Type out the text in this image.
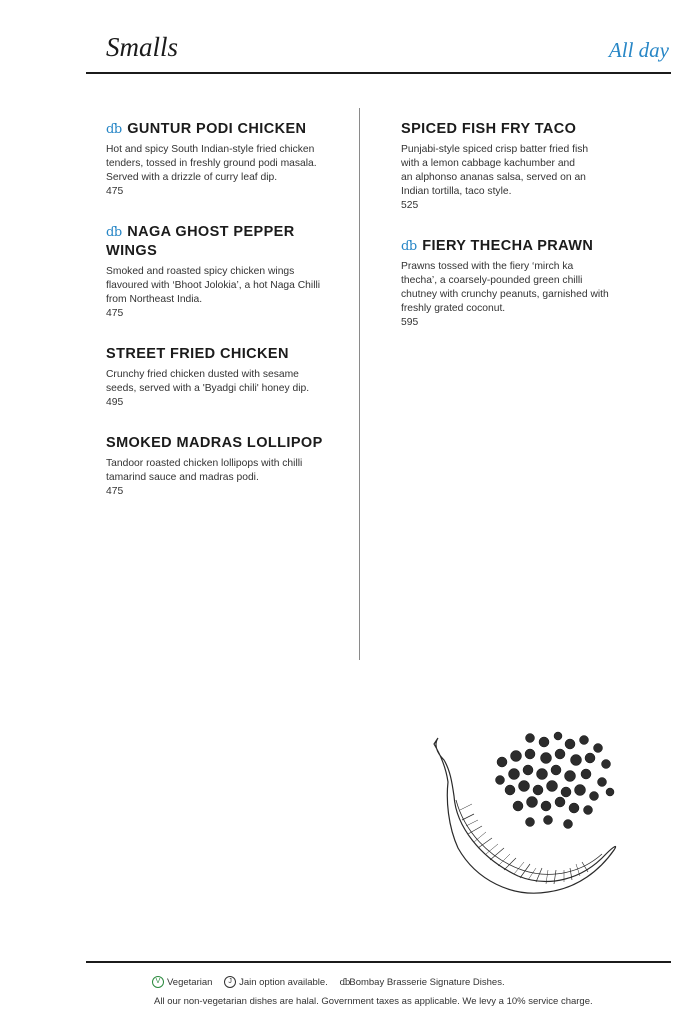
Smalls	All day
ɗb GUNTUR PODI CHICKEN
Hot and spicy South Indian-style fried chicken
tenders, tossed in freshly ground podi masala.
Served with a drizzle of curry leaf dip.
475
ɗb NAGA GHOST PEPPER
WINGS
Smoked and roasted spicy chicken wings
flavoured with ‘Bhoot Jolokia’, a hot Naga Chilli
from Northeast India.
475
STREET FRIED CHICKEN
Crunchy fried chicken dusted with sesame
seeds, served with a 'Byadgi chili' honey dip.
495
SMOKED MADRAS LOLLIPOP
Tandoor roasted chicken lollipops with chilli
tamarind sauce and madras podi.
475
SPICED FISH FRY TACO
Punjabi-style spiced crisp batter fried fish
with a lemon cabbage kachumber and
an alphonso ananas salsa, served on an
Indian tortilla, taco style.
525
ɗb FIERY THECHA PRAWN
Prawns tossed with the fiery ‘mirch ka
thecha’, a coarsely-pounded green chilli
chutney with crunchy peanuts, garnished with
freshly grated coconut.
595
V Vegetarian J Jain option available. ɗbBombay Brasserie Signature Dishes.
All our non-vegetarian dishes are halal. Government taxes as applicable. We levy a 10% service charge.
